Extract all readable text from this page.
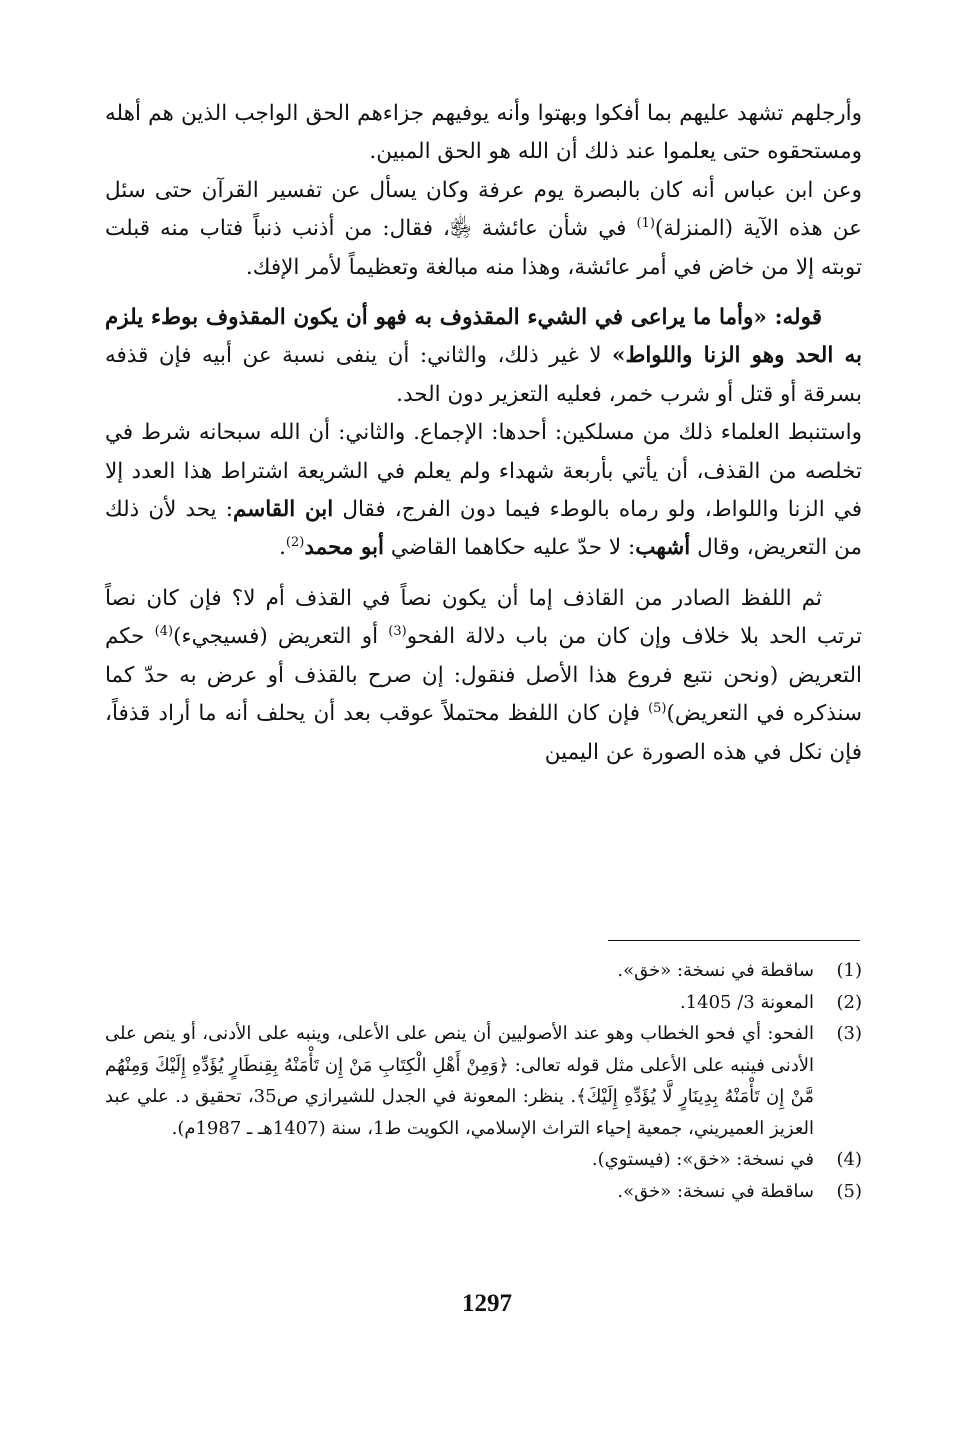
وأرجلهم تشهد عليهم بما أفكوا وبهتوا وأنه يوفيهم جزاءهم الحق الواجب الذين هم أهله ومستحقوه حتى يعلموا عند ذلك أن الله هو الحق المبين.

وعن ابن عباس أنه كان بالبصرة يوم عرفة وكان يسأل عن تفسير القرآن حتى سئل عن هذه الآية (المنزلة)$^{(1)}$ في شأن عائشة ﵂، فقال: من أذنب ذنباً فتاب منه قبلت توبته إلا من خاض في أمر عائشة، وهذا منه مبالغة وتعظيماً لأمر الإفك.

قوله: «وأما ما يراعى في الشيء المقذوف به فهو أن يكون المقذوف بوطء يلزم به الحد وهو الزنا واللواط» لا غير ذلك، والثاني: أن ينفى نسبة عن أبيه فإن قذفه بسرقة أو قتل أو شرب خمر، فعليه التعزير دون الحد.

واستنبط العلماء ذلك من مسلكين: أحدها: الإجماع. والثاني: أن الله سبحانه شرط في تخلصه من القذف، أن يأتي بأربعة شهداء ولم يعلم في الشريعة اشتراط هذا العدد إلا في الزنا واللواط، ولو رماه بالوطء فيما دون الفرج، فقال ابن القاسم: يحد لأن ذلك من التعريض، وقال أشهب: لا حدّ عليه حكاهما القاضي أبو محمد$^{(2)}$.

ثم اللفظ الصادر من القاذف إما أن يكون نصاً في القذف أم لا؟ فإن كان نصاً ترتب الحد بلا خلاف وإن كان من باب دلالة الفحو$^{(3)}$ أو التعريض (فسيجيء)$^{(4)}$ حكم التعريض (ونحن نتبع فروع هذا الأصل فنقول: إن صرح بالقذف أو عرض به حدّ كما سنذكره في التعريض)$^{(5)}$ فإن كان اللفظ محتملاً عوقب بعد أن يحلف أنه ما أراد قذفاً، فإن نكل في هذه الصورة عن اليمين

(1)
ساقطة في نسخة: «خق».
(2)
المعونة 3/ 1405.
(3)
الفحو: أي فحو الخطاب وهو عند الأصوليين أن ينص على الأعلى، وينبه على الأدنى، أو ينص على الأدنى فينبه على الأعلى مثل قوله تعالى: ﴿وَمِنْ أَهْلِ الْكِتَابِ مَنْ إِن تَأْمَنْهُ بِقِنطَارٍ يُؤَدِّهِ إِلَيْكَ وَمِنْهُم مَّنْ إِن تَأْمَنْهُ بِدِينَارٍ لَّا يُؤَدِّهِ إِلَيْكَ﴾. ينظر: المعونة في الجدل للشيرازي ص35، تحقيق د. علي عبد العزيز العميريني، جمعية إحياء التراث الإسلامي، الكويت ط1، سنة (1407هـ ـ 1987م).
(4)
في نسخة: «خق»: (فيستوي).
(5)
ساقطة في نسخة: «خق».
1297
